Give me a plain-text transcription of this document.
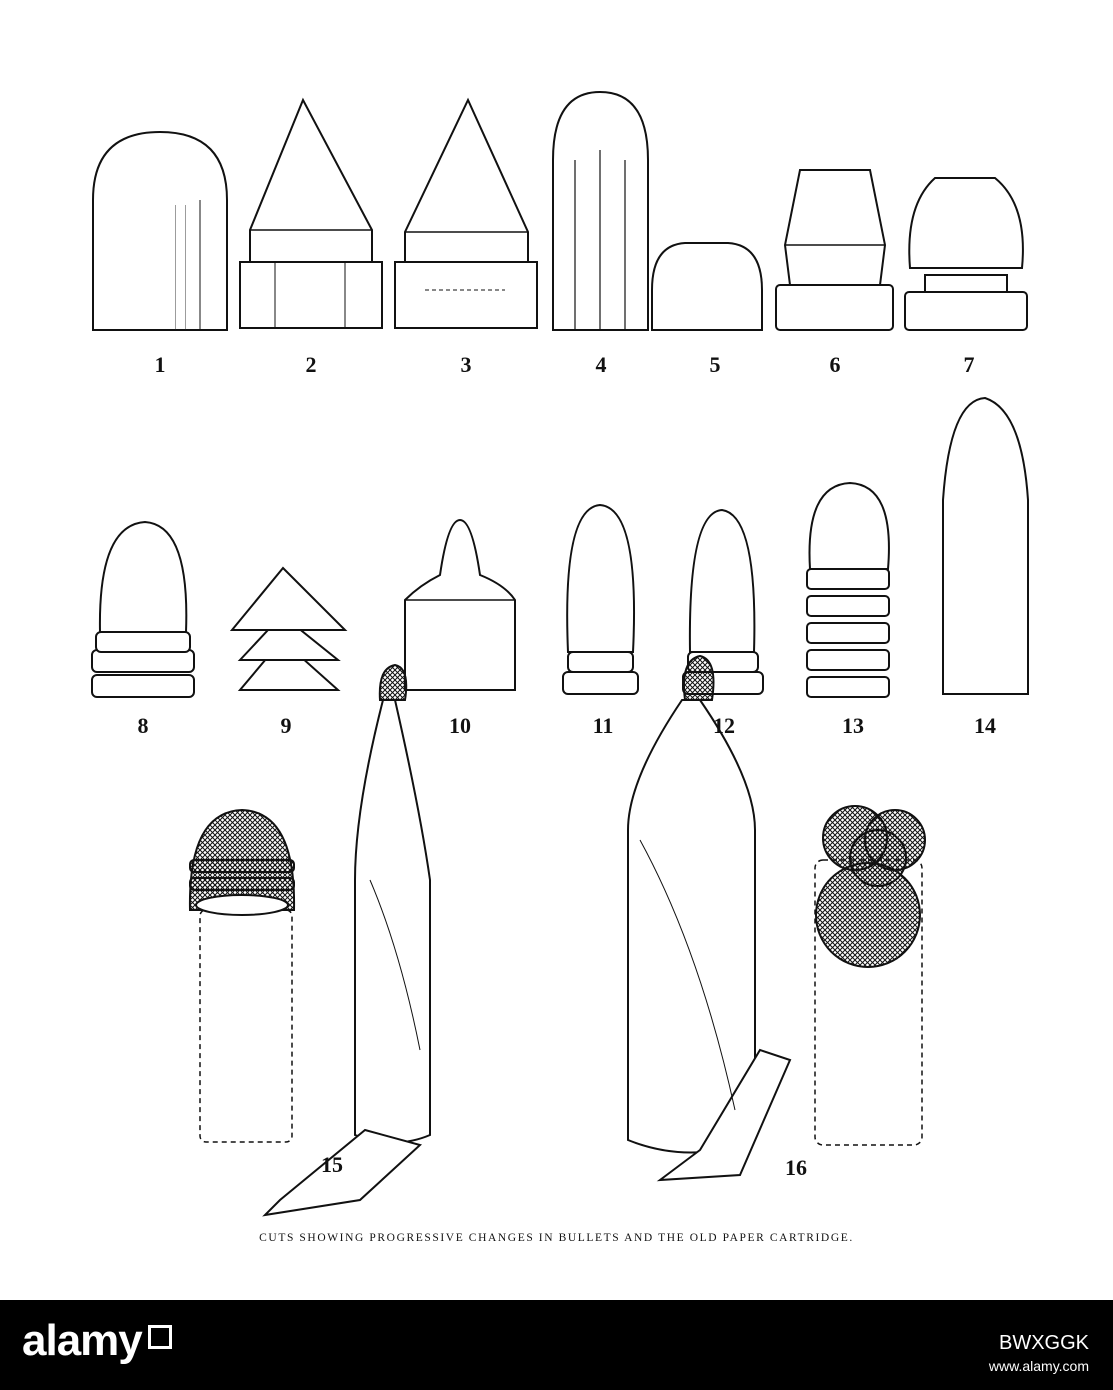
1	2	3	4	5	6	7
8	9	10	11	12	13	14
15	16
CUTS SHOWING PROGRESSIVE CHANGES IN BULLETS AND THE OLD PAPER CARTRIDGE.
alamy	BWXGGK
www.alamy.com
